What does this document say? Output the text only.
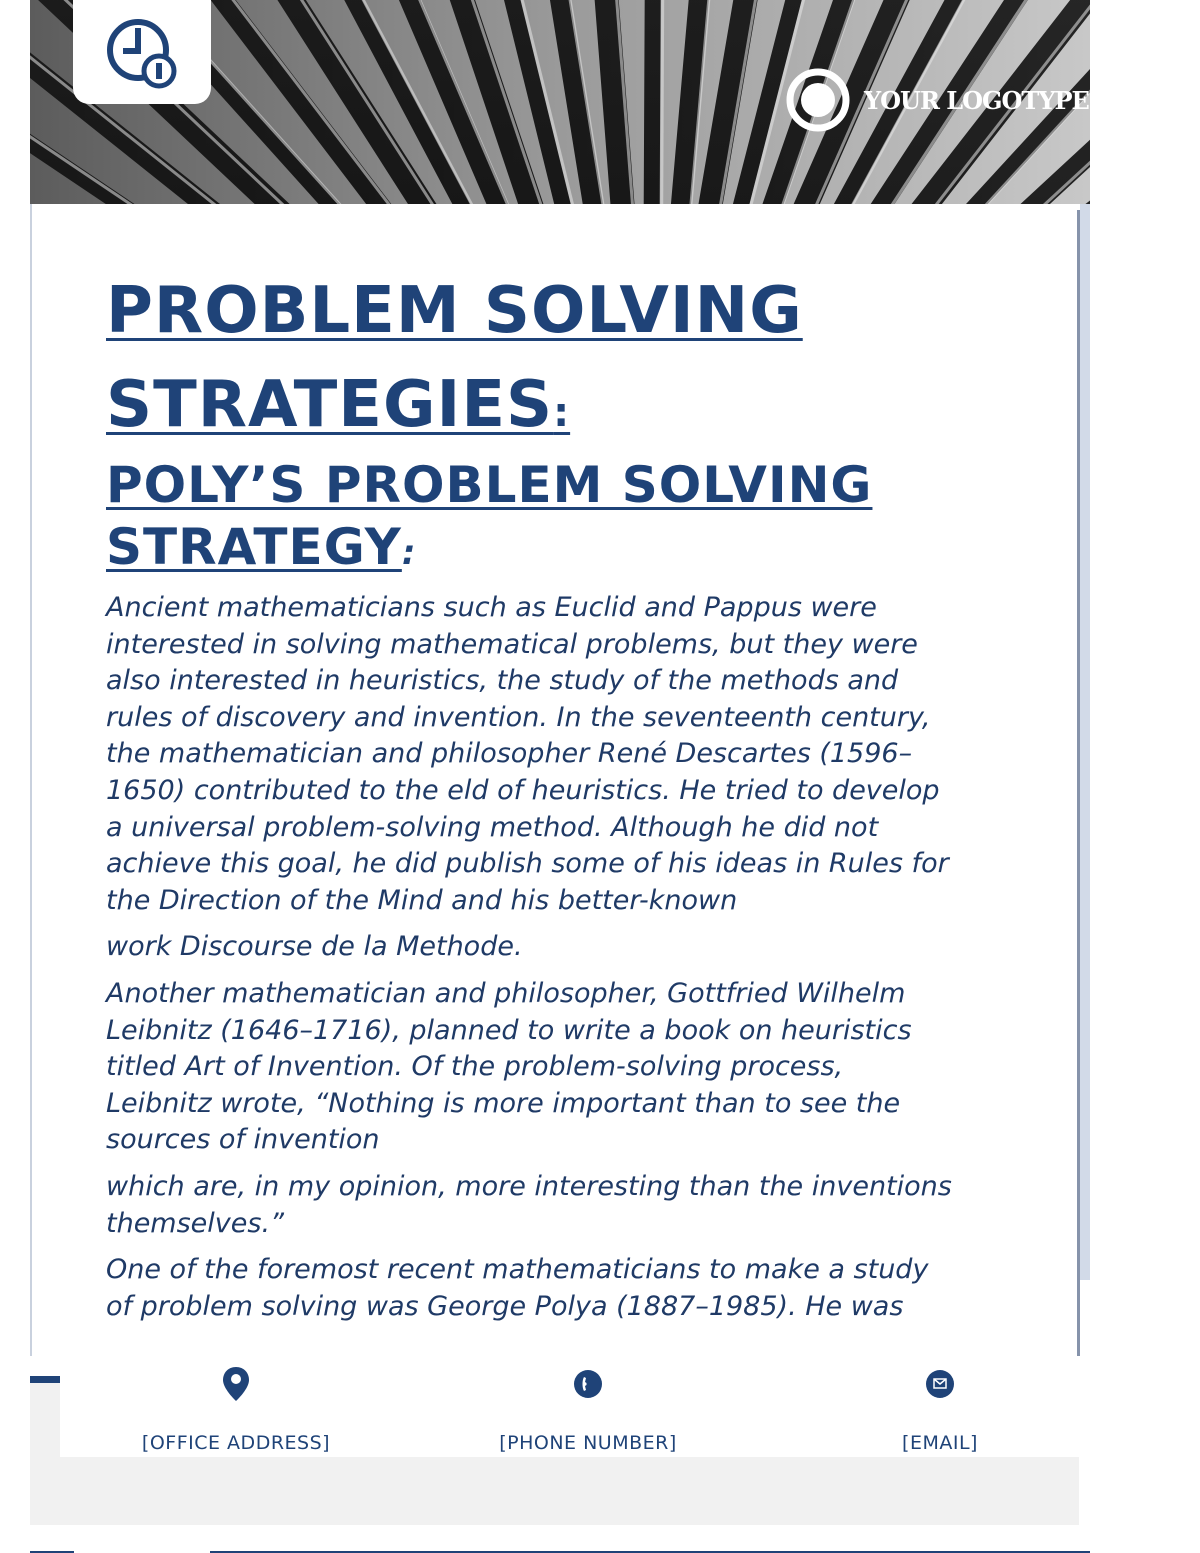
YOUR LOGOTYPE
PROBLEM SOLVING STRATEGIES:
POLY’S PROBLEM SOLVING STRATEGY:

Ancient mathematicians such as Euclid and Pappus were
interested in solving mathematical problems, but they were
also interested in heuristics, the study of the methods and
rules of discovery and invention. In the seventeenth century,
the mathematician and philosopher René Descartes (1596–
1650) contributed to the eld of heuristics. He tried to develop
a universal problem-solving method. Although he did not
achieve this goal, he did publish some of his ideas in Rules for
the Direction of the Mind and his better-known

work Discourse de la Methode.

Another mathematician and philosopher, Gottfried Wilhelm
Leibnitz (1646–1716), planned to write a book on heuristics
titled Art of Invention. Of the problem-solving process,
Leibnitz wrote, “Nothing is more important than to see the
sources of invention

which are, in my opinion, more interesting than the inventions
themselves.”

One of the foremost recent mathematicians to make a study
of problem solving was George Polya (1887–1985). He was

[OFFICE ADDRESS]	[PHONE NUMBER]	[EMAIL]
